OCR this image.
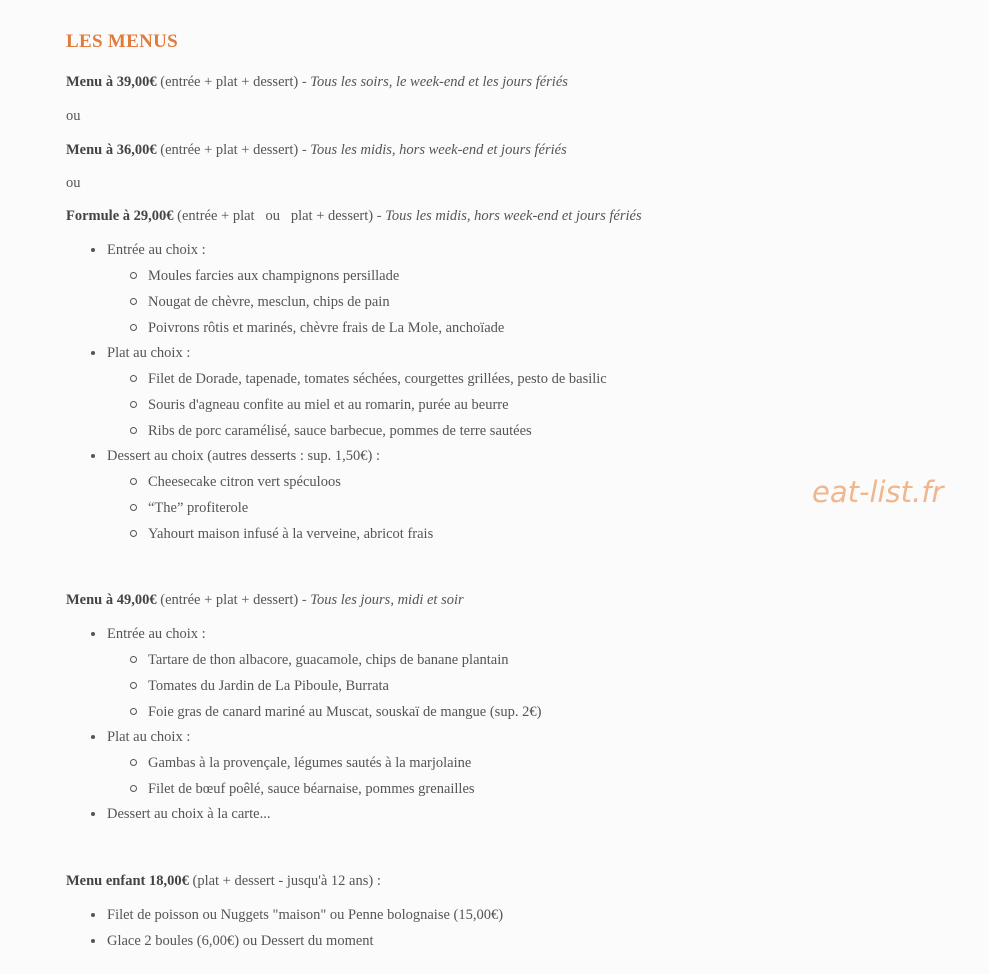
LES MENUS
Menu à 39,00€ (entrée + plat + dessert) - Tous les soirs, le week-end et les jours fériés
ou
Menu à 36,00€ (entrée + plat + dessert) - Tous les midis, hors week-end et jours fériés
ou
Formule à 29,00€ (entrée + plat   ou   plat + dessert) - Tous les midis, hors week-end et jours fériés
Entrée au choix :
Moules farcies aux champignons persillade
Nougat de chèvre, mesclun, chips de pain
Poivrons rôtis et marinés, chèvre frais de La Mole, anchoïade
Plat au choix :
Filet de Dorade, tapenade, tomates séchées, courgettes grillées, pesto de basilic
Souris d'agneau confite au miel et au romarin, purée au beurre
Ribs de porc caramélisé, sauce barbecue, pommes de terre sautées
Dessert au choix (autres desserts : sup. 1,50€) :
Cheesecake citron vert spéculoos
“The” profiterole
Yahourt maison infusé à la verveine, abricot frais
Menu à 49,00€ (entrée + plat + dessert) - Tous les jours, midi et soir
Entrée au choix :
Tartare de thon albacore, guacamole, chips de banane plantain
Tomates du Jardin de La Piboule, Burrata
Foie gras de canard mariné au Muscat, souskaï de mangue (sup. 2€)
Plat au choix :
Gambas à la provençale, légumes sautés à la marjolaine
Filet de bœuf poêlé, sauce béarnaise, pommes grenailles
Dessert au choix à la carte...
Menu enfant 18,00€ (plat + dessert - jusqu'à 12 ans) :
Filet de poisson ou Nuggets "maison" ou Penne bolognaise (15,00€)
Glace 2 boules (6,00€) ou Dessert du moment
eat-list.fr
